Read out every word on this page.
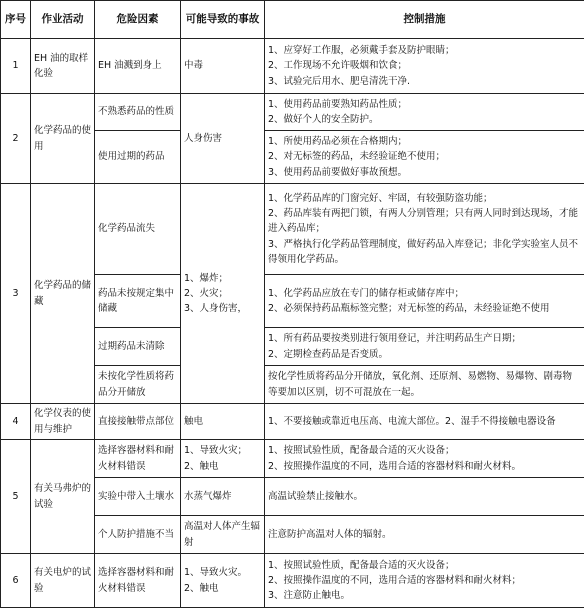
序号	作业活动	危险因素	可能导致的事故	控制措施
1	EH 油的取样化验	EH 油溅到身上	中毒	1、应穿好工作服，必须戴手套及防护眼睛；
2、工作现场不允许吸烟和饮食；
3、试验完后用水、肥皂清洗干净.
2	化学药品的使用	不熟悉药品的性质	人身伤害	1、使用药品前要熟知药品性质；
2、做好个人的安全防护。
		使用过期的药品		1、所使用药品必须在合格期内；
2、对无标签的药品，未经验证绝不使用；
3、使用药品前要做好事故预想。
3	化学药品的储藏	化学药品流失	1、爆炸；
2、火灾；
3、人身伤害，	1、化学药品库的门窗完好、牢固，有较强防盗功能；
2、药品库装有两把门锁，有两人分别管理；只有两人同时到达现场，才能进入药品库；
3、严格执行化学药品管理制度，做好药品入库登记；非化学实验室人员不得领用化学药品。
		药品未按规定集中储藏		1、化学药品应放在专门的储存柜或储存库中；
2、必须保持药品瓶标签完整；对无标签的药品，未经验证绝不使用
		过期药品未清除		1、所有药品要按类别进行领用登记，并注明药品生产日期；
2、定期检查药品是否变质。
		未按化学性质将药品分开储放		按化学性质将药品分开储放，氧化剂、还原剂、易燃物、易爆物、剧毒物等要加以区别，切不可混放在一起。
4	化学仪表的使用与维护	直接接触带点部位	触电	1、不要接触或靠近电压高、电流大部位。2、湿手不得接触电器设备
5	有关马弗炉的试验	选择容器材料和耐火材料错误	1、导致火灾；
2、触电	1、按照试验性质，配备最合适的灭火设备；
2、按照操作温度的不同，选用合适的容器材料和耐火材料。
		实验中带入土壤水	水蒸气爆炸	高温试验禁止接触水。
		个人防护措施不当	高温对人体产生辐射	注意防护高温对人体的辐射。
6	有关电炉的试验	选择容器材料和耐火材料错误	1、导致火灾。
2、触电	1、按照试验性质，配备最合适的灭火设备；
2、按照操作温度的不同，选用合适的容器材料和耐火材料；
3、注意防止触电。
